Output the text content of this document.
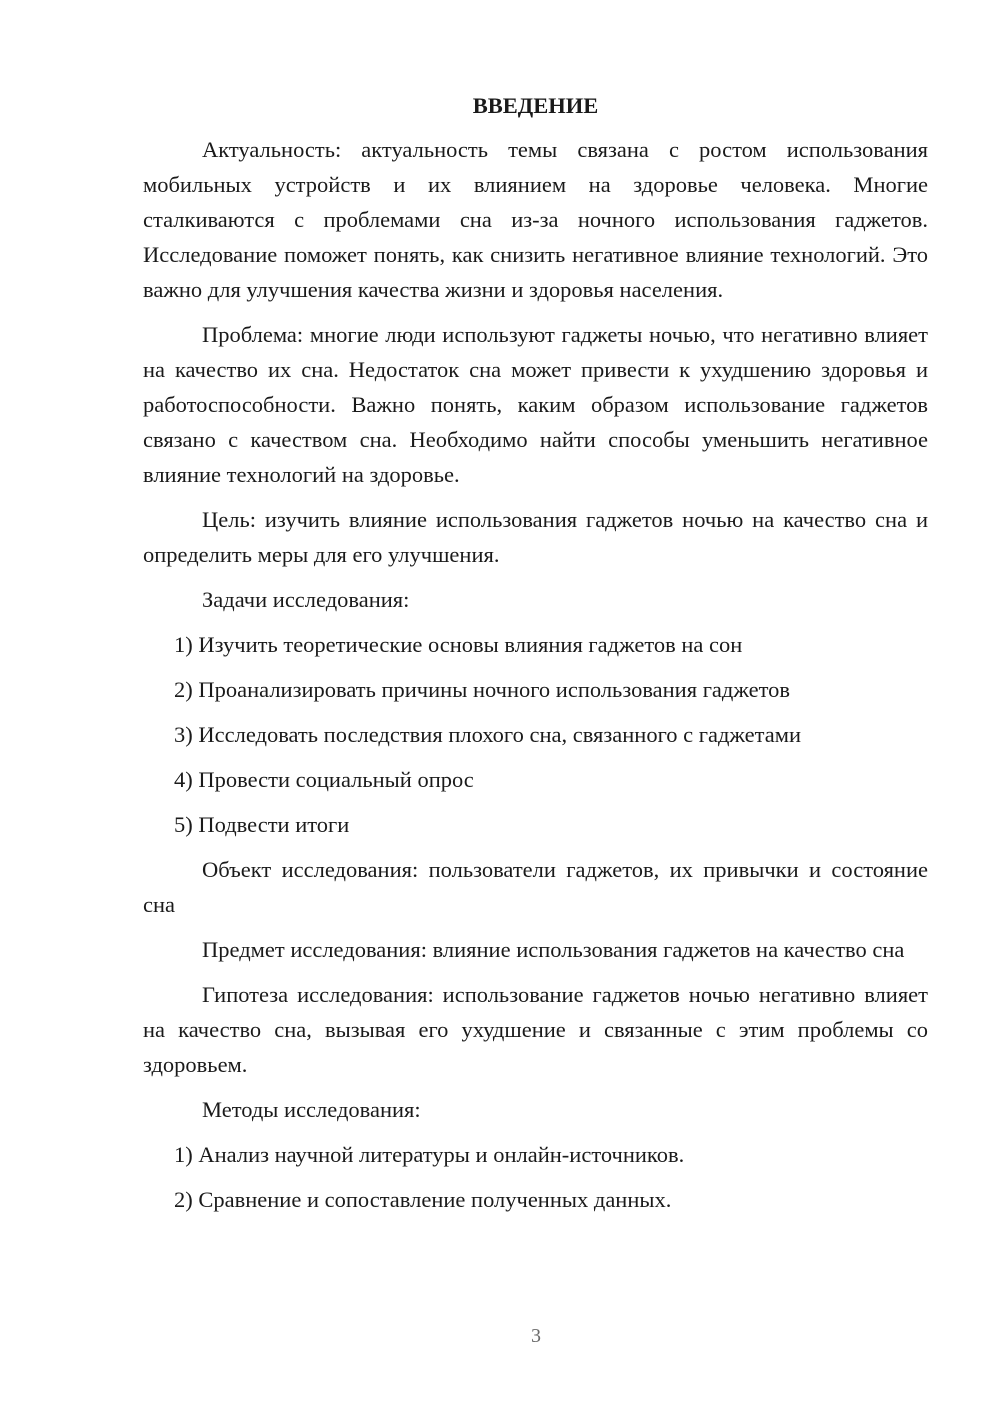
ВВЕДЕНИЕ

Актуальность: актуальность темы связана с ростом использования мобильных устройств и их влиянием на здоровье человека. Многие сталкиваются с проблемами сна из-за ночного использования гаджетов. Исследование поможет понять, как снизить негативное влияние технологий. Это важно для улучшения качества жизни и здоровья населения.

Проблема: многие люди используют гаджеты ночью, что негативно влияет на качество их сна. Недостаток сна может привести к ухудшению здоровья и работоспособности. Важно понять, каким образом использование гаджетов связано с качеством сна. Необходимо найти способы уменьшить негативное влияние технологий на здоровье.

Цель: изучить влияние использования гаджетов ночью на качество сна и определить меры для его улучшения.

Задачи исследования:

1) Изучить теоретические основы влияния гаджетов на сон

2) Проанализировать причины ночного использования гаджетов

3) Исследовать последствия плохого сна, связанного с гаджетами

4) Провести социальный опрос

5) Подвести итоги

Объект исследования: пользователи гаджетов, их привычки и состояние сна

Предмет исследования: влияние использования гаджетов на качество сна

Гипотеза исследования: использование гаджетов ночью негативно влияет на качество сна, вызывая его ухудшение и связанные с этим проблемы со здоровьем.

Методы исследования:

1) Анализ научной литературы и онлайн-источников.

2) Сравнение и сопоставление полученных данных.

3
